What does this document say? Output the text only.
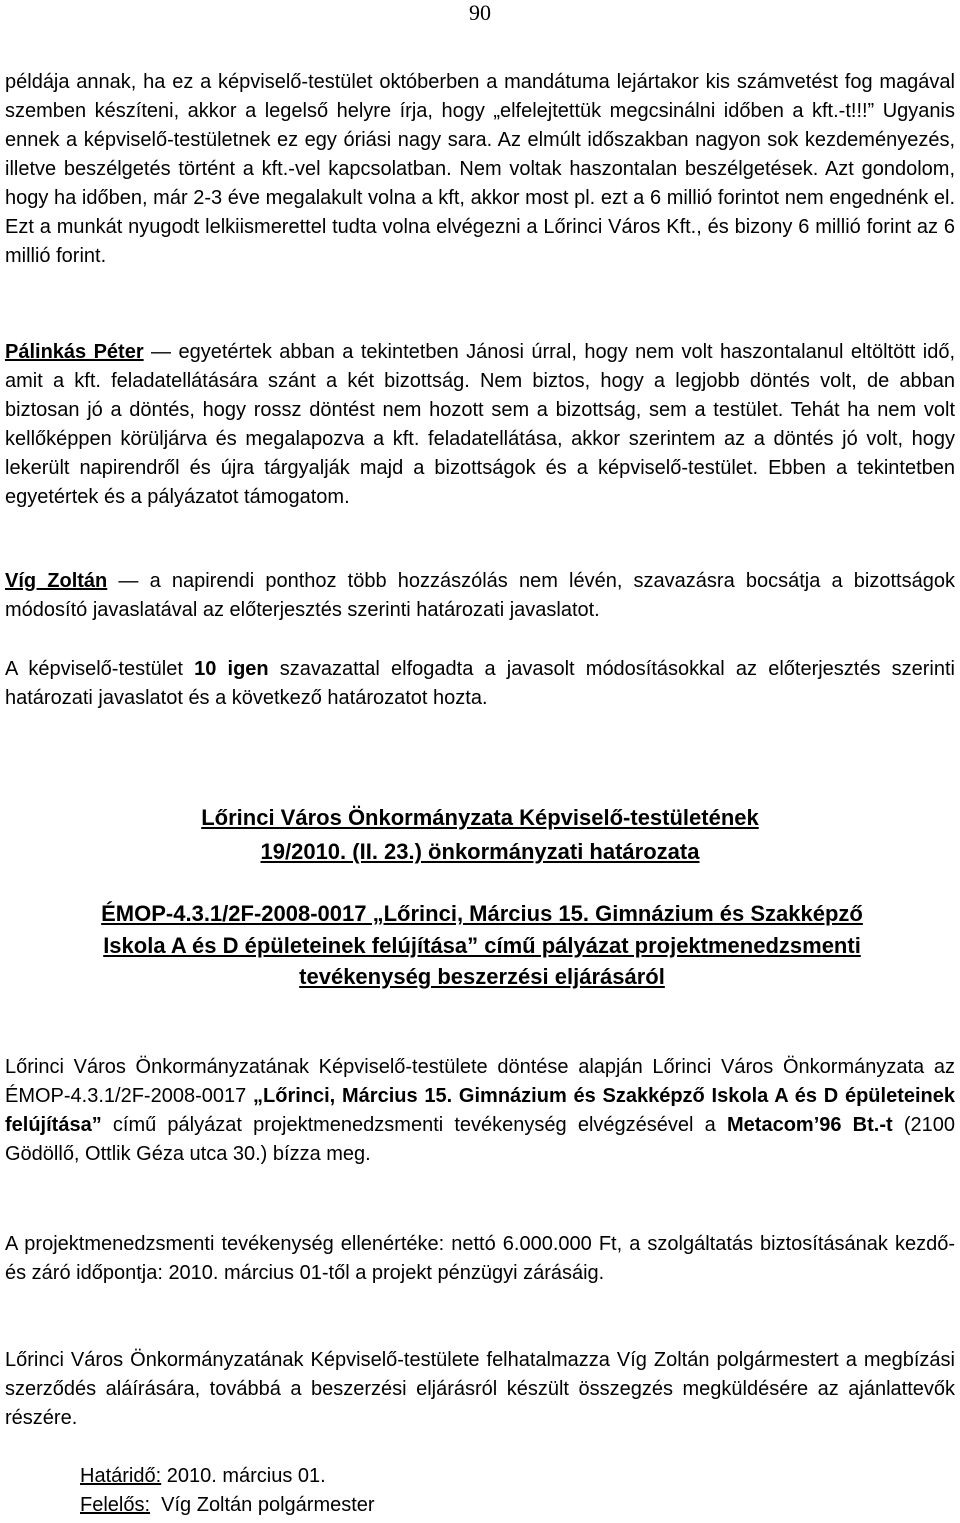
90

példája annak, ha ez a képviselő-testület októberben a mandátuma lejártakor kis számvetést fog magával szemben készíteni, akkor a legelső helyre írja, hogy „elfelejtettük megcsinálni időben a kft.-t!!!” Ugyanis ennek a képviselő-testületnek ez egy óriási nagy sara. Az elmúlt időszakban nagyon sok kezdeményezés, illetve beszélgetés történt a kft.-vel kapcsolatban. Nem voltak haszontalan beszélgetések. Azt gondolom, hogy ha időben, már 2-3 éve megalakult volna a kft, akkor most pl. ezt a 6 millió forintot nem engednénk el. Ezt a munkát nyugodt lelkiismerettel tudta volna elvégezni a Lőrinci Város Kft., és bizony 6 millió forint az 6 millió forint.

Pálinkás Péter — egyetértek abban a tekintetben Jánosi úrral, hogy nem volt haszontalanul eltöltött idő, amit a kft. feladatellátására szánt a két bizottság. Nem biztos, hogy a legjobb döntés volt, de abban biztosan jó a döntés, hogy rossz döntést nem hozott sem a bizottság, sem a testület. Tehát ha nem volt kellőképpen körüljárva és megalapozva a kft. feladatellátása, akkor szerintem az a döntés jó volt, hogy lekerült napirendről és újra tárgyalják majd a bizottságok és a képviselő-testület. Ebben a tekintetben egyetértek és a pályázatot támogatom.

Víg Zoltán — a napirendi ponthoz több hozzászólás nem lévén, szavazásra bocsátja a bizottságok módosító javaslatával az előterjesztés szerinti határozati javaslatot.

A képviselő-testület 10 igen szavazattal elfogadta a javasolt módosításokkal az előterjesztés szerinti határozati javaslatot és a következő határozatot hozta.

Lőrinci Város Önkormányzata Képviselő-testületének
19/2010. (II. 23.) önkormányzati határozata
ÉMOP-4.3.1/2F-2008-0017 „Lőrinci, Március 15. Gimnázium és Szakképző
Iskola A és D épületeinek felújítása” című pályázat projektmenedzsmenti
tevékenység beszerzési eljárásáról

Lőrinci Város Önkormányzatának Képviselő-testülete döntése alapján Lőrinci Város Önkormányzata az ÉMOP-4.3.1/2F-2008-0017 „Lőrinci, Március 15. Gimnázium és Szakképző Iskola A és D épületeinek felújítása” című pályázat projektmenedzsmenti tevékenység elvégzésével a Metacom’96 Bt.-t (2100 Gödöllő, Ottlik Géza utca 30.) bízza meg.

A projektmenedzsmenti tevékenység ellenértéke: nettó 6.000.000 Ft, a szolgáltatás biztosításának kezdő- és záró időpontja: 2010. március 01-től a projekt pénzügyi zárásáig.

Lőrinci Város Önkormányzatának Képviselő-testülete felhatalmazza Víg Zoltán polgármestert a megbízási szerződés aláírására, továbbá a beszerzési eljárásról készült összegzés megküldésére az ajánlattevők részére.

Határidő: 2010. március 01.
Felelős:  Víg Zoltán polgármester
